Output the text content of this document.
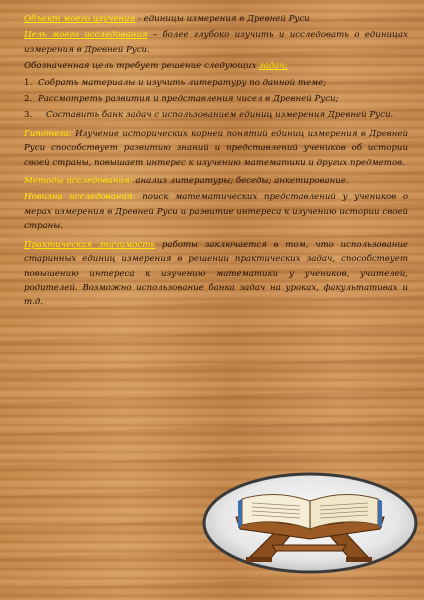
Объект моего изучения - единицы измерения в Древней Руси

Цель моего исследования – более глубоко изучить и исследовать о единицах измерения в Древней Руси.

Обозначенная цель требует решение следующих задач:

1. Собрать материалы и изучить литературу по данной теме;

2. Рассмотреть развития и представления чисел в Древней Руси;

3. Составить банк задач с использованием единиц измерения Древней Руси.

Гипотеза: Изучение исторических корней понятий единиц измерения в Древней Руси способствует развитию знаний и представлений учеников об истории своей страны, повышает интерес к изучению математики и других предметов.

Методы исследования: анализ литературы; беседы; анкетирование.

Новизна исследования: поиск математических представлений у учеников о мерах измерения в Древней Руси и развитие интереса к изучению истории своей страны.

Практическая значимость работы заключается в том, что использование старинных единиц измерения в решении практических задач, способствует повышению интереса к изучению математики у учеников, учителей, родителей. Возможно использование банка задач на уроках, факультативах и т.д.
